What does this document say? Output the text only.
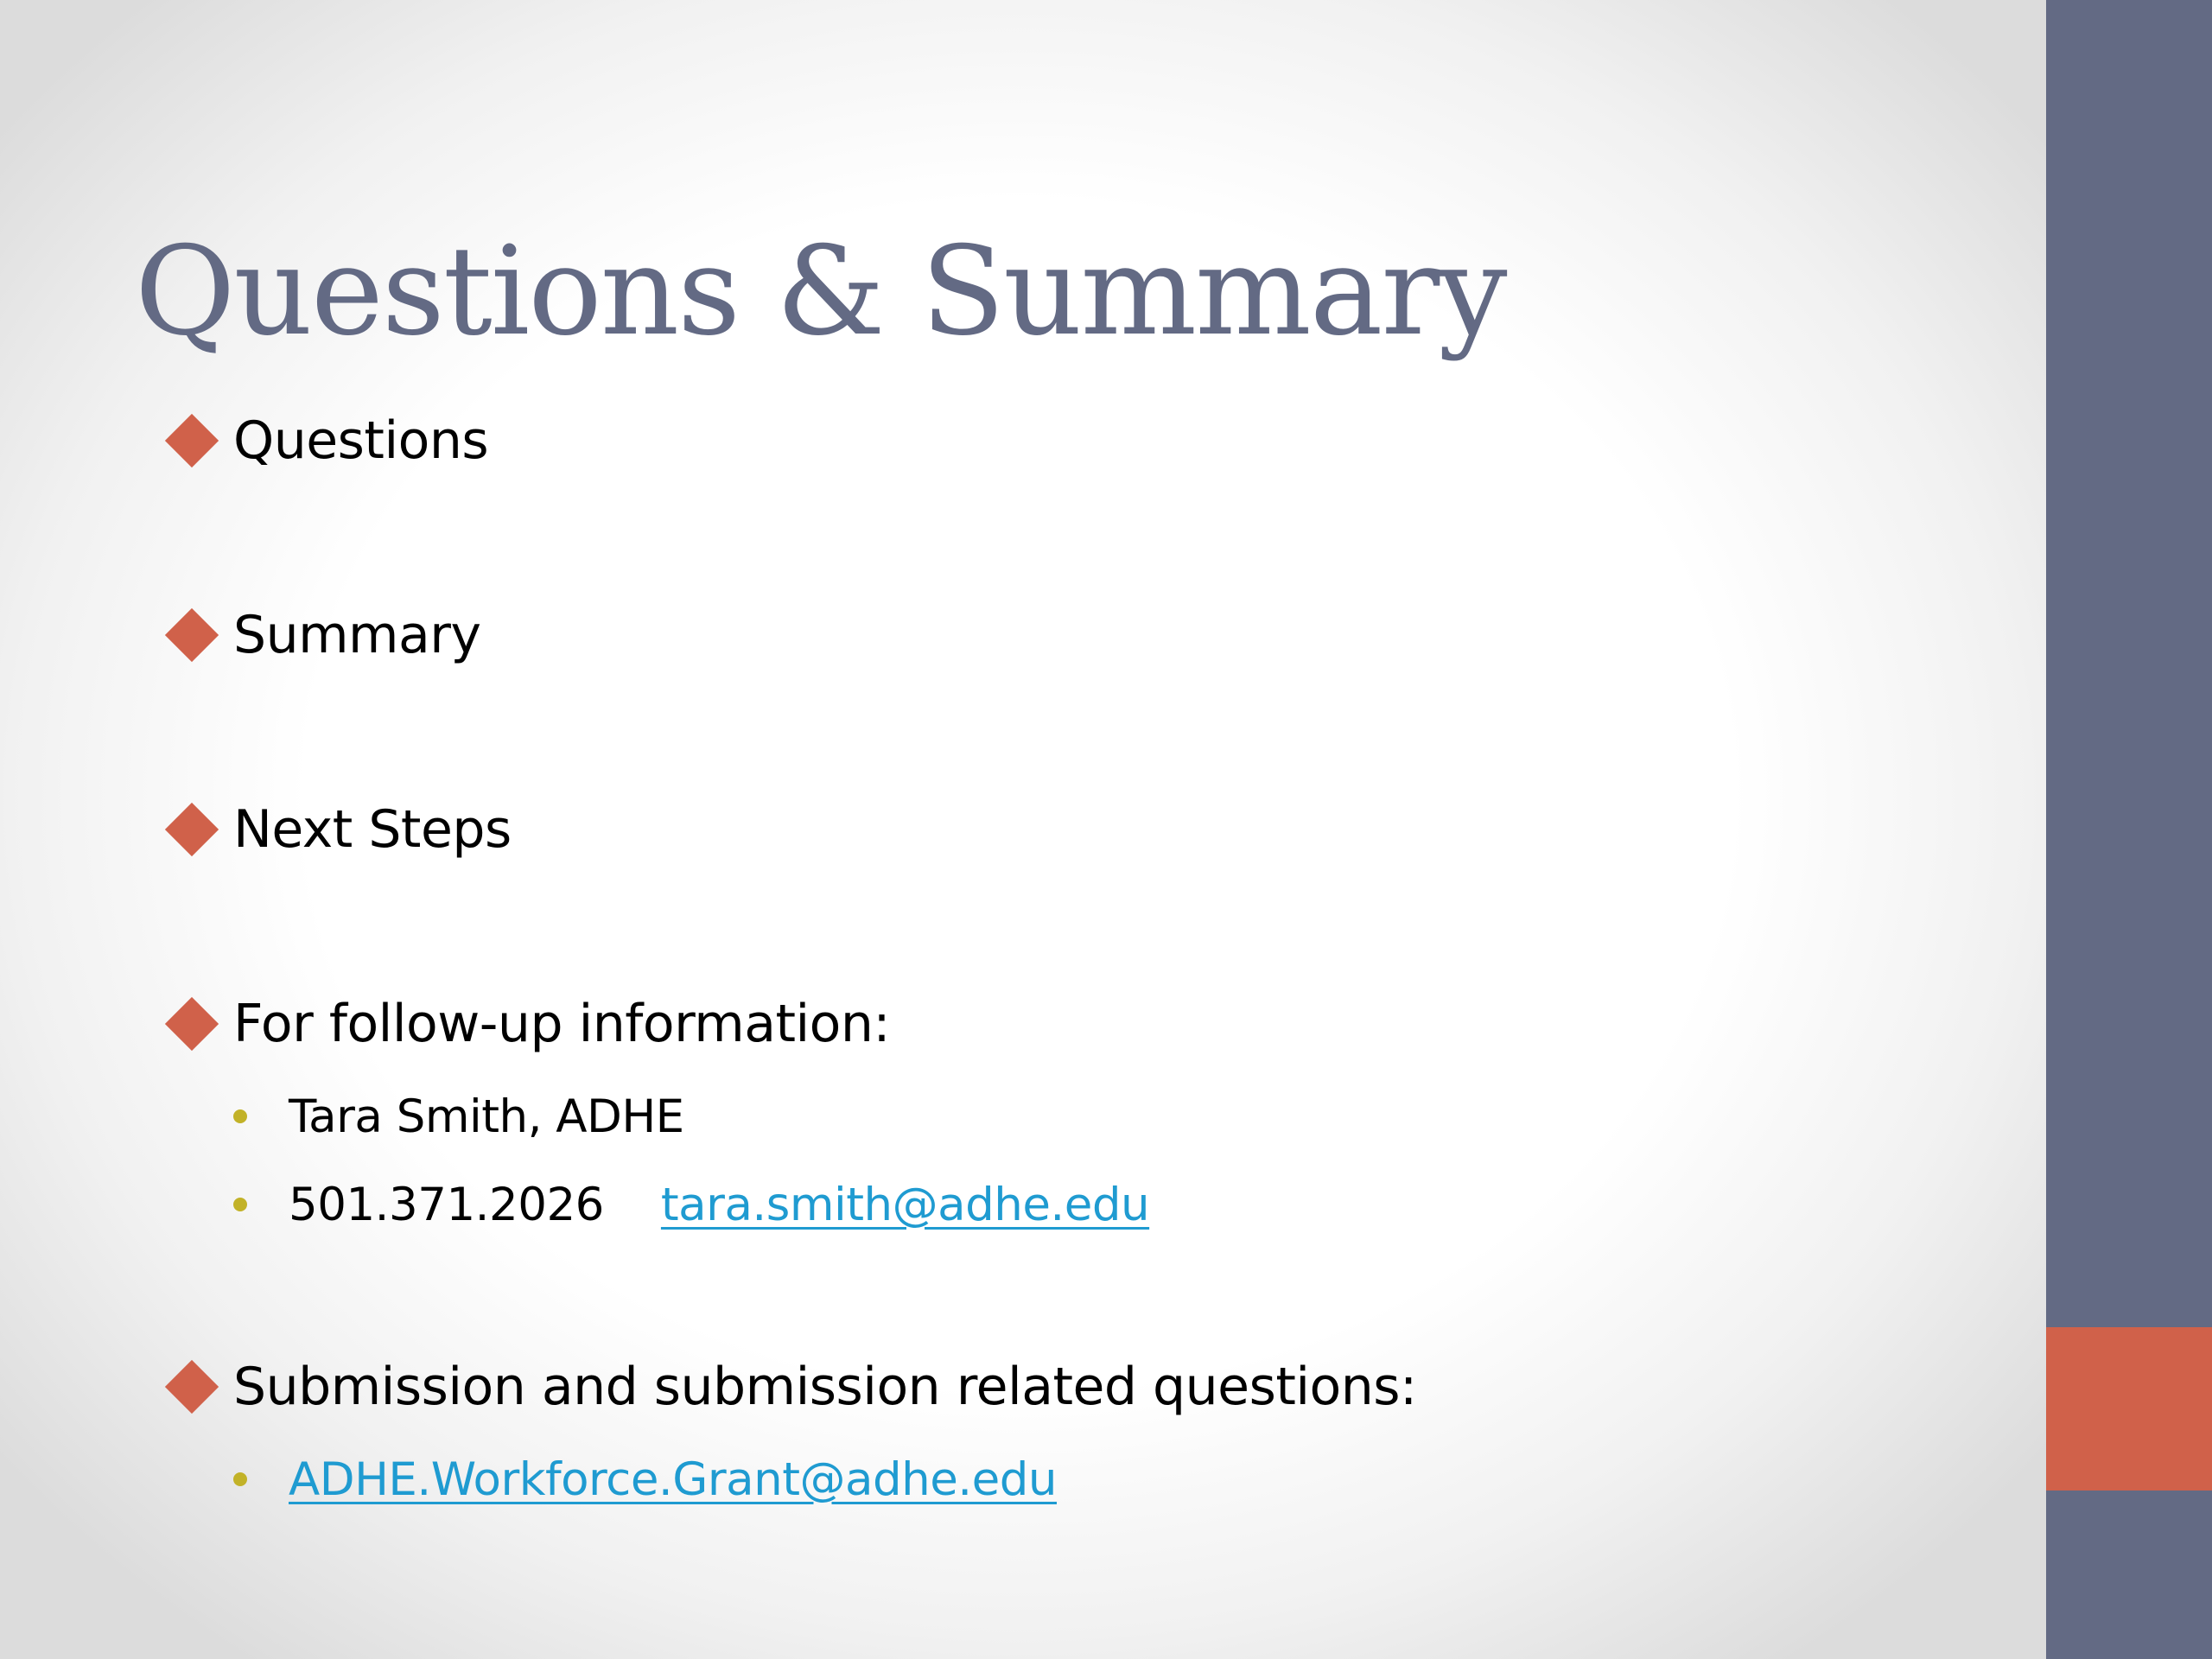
Questions & Summary
Questions
Summary
Next Steps
For follow-up information:
Tara Smith, ADHE
501.371.2026 tara.smith@adhe.edu
Submission and submission related questions:
ADHE.Workforce.Grant@adhe.edu
